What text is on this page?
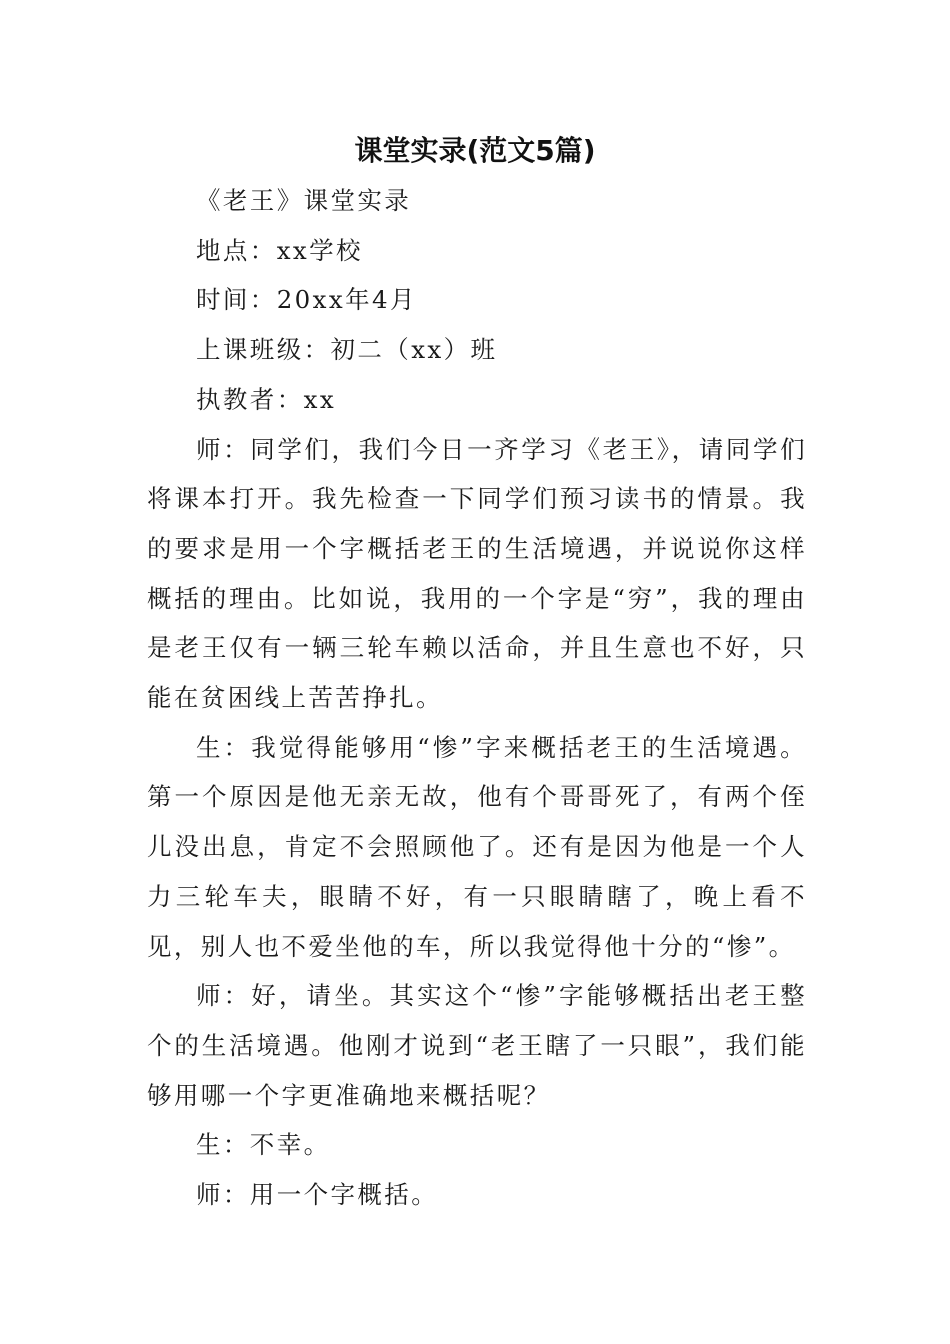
课堂实录(范文5篇)

《老王》课堂实录

地点：xx学校

时间：20xx年4月

上课班级：初二（xx）班

执教者：xx

师：同学们，我们今日一齐学习《老王》，请同学们将课本打开。我先检查一下同学们预习读书的情景。我的要求是用一个字概括老王的生活境遇，并说说你这样概括的理由。比如说，我用的一个字是“穷”，我的理由是老王仅有一辆三轮车赖以活命，并且生意也不好，只能在贫困线上苦苦挣扎。

生：我觉得能够用“惨”字来概括老王的生活境遇。第一个原因是他无亲无故，他有个哥哥死了，有两个侄儿没出息，肯定不会照顾他了。还有是因为他是一个人力三轮车夫，眼睛不好，有一只眼睛瞎了，晚上看不见，别人也不爱坐他的车，所以我觉得他十分的“惨”。

师：好，请坐。其实这个“惨”字能够概括出老王整个的生活境遇。他刚才说到“老王瞎了一只眼”，我们能够用哪一个字更准确地来概括呢？

生：不幸。

师：用一个字概括。
